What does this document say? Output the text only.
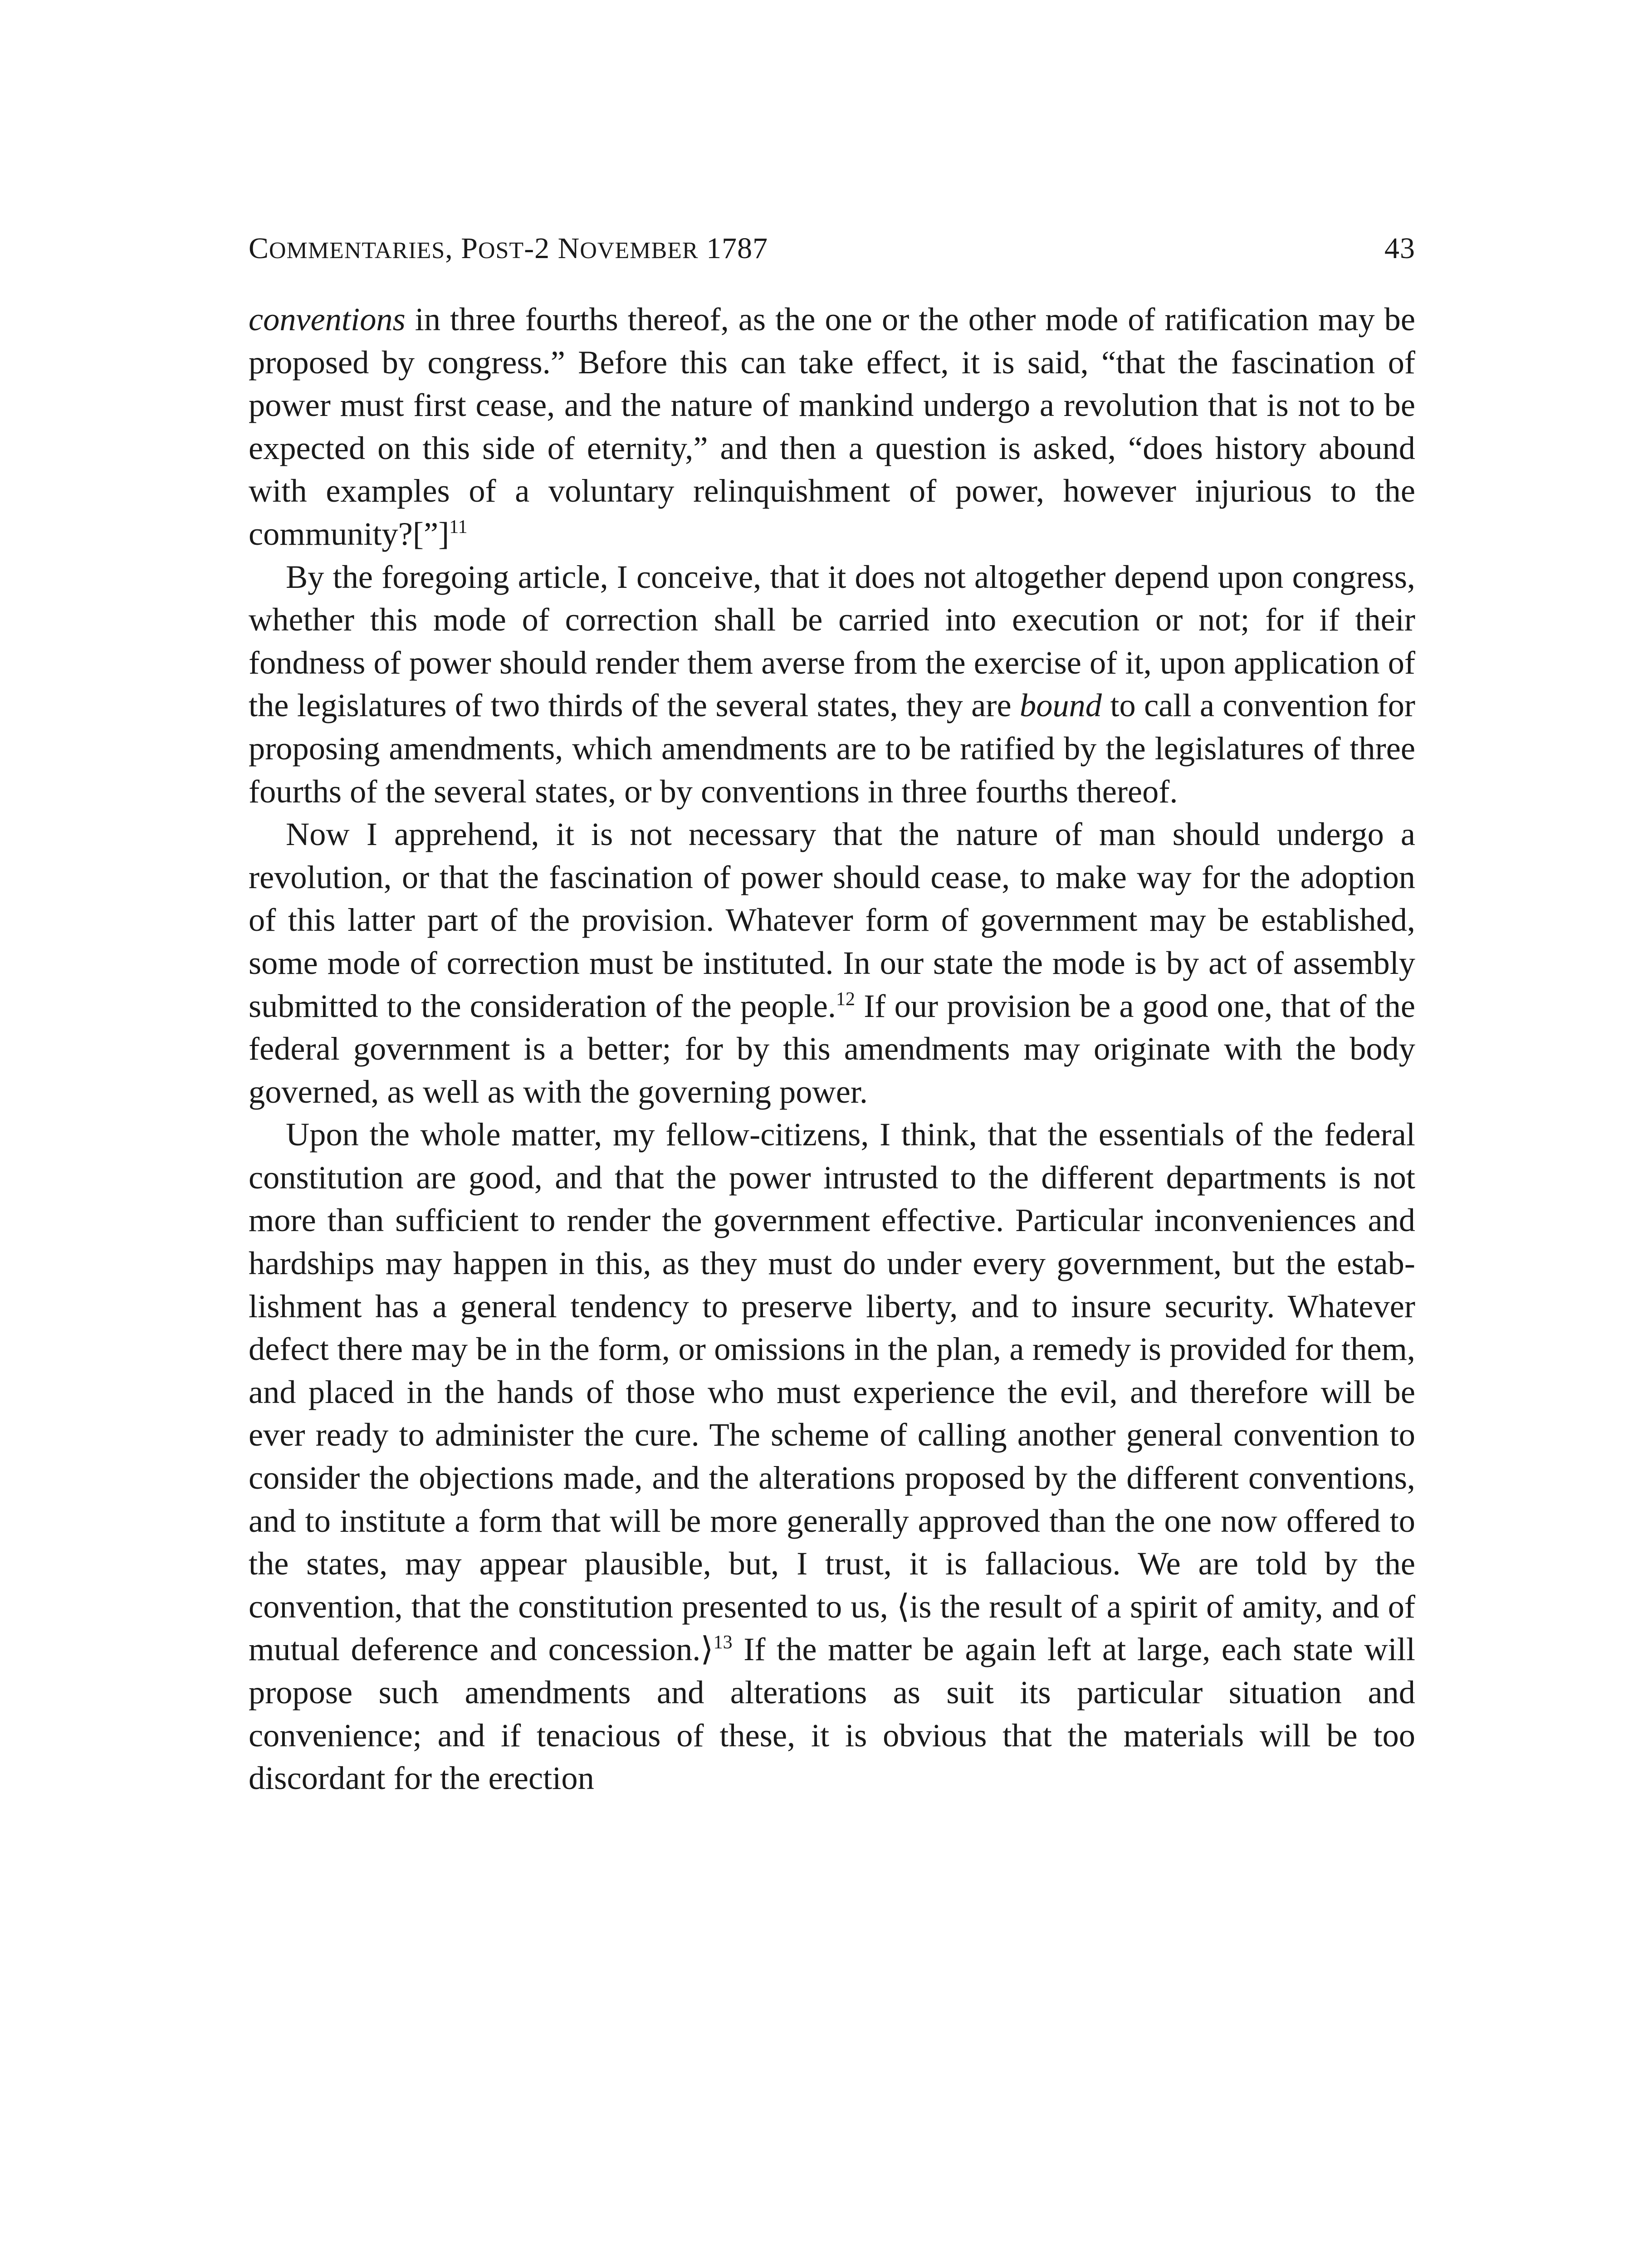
COMMENTARIES, POST-2 NOVEMBER 1787	43

conventions in three fourths thereof, as the one or the other mode of ratification may be proposed by congress.” Before this can take effect, it is said, “that the fascination of power must first cease, and the nature of mankind undergo a revolution that is not to be expected on this side of eternity,” and then a question is asked, “does history abound with examples of a voluntary relinquishment of power, however injurious to the community?[”]$^{11}$

By the foregoing article, I conceive, that it does not altogether depend upon congress, whether this mode of correction shall be carried into execution or not; for if their fondness of power should render them averse from the exercise of it, upon application of the legislatures of two thirds of the several states, they are bound to call a convention for proposing amendments, which amendments are to be ratified by the legislatures of three fourths of the several states, or by conventions in three fourths thereof.

Now I apprehend, it is not necessary that the nature of man should undergo a revolution, or that the fascination of power should cease, to make way for the adoption of this latter part of the provision. Whatever form of government may be established, some mode of correction must be instituted. In our state the mode is by act of assembly submitted to the consideration of the people.$^{12}$ If our provision be a good one, that of the federal government is a better; for by this amendments may originate with the body governed, as well as with the governing power.

Upon the whole matter, my fellow-citizens, I think, that the essentials of the federal constitution are good, and that the power intrusted to the different departments is not more than sufficient to render the government effective. Particular inconveniences and hardships may happen in this, as they must do under every government, but the establishment has a general tendency to preserve liberty, and to insure security. Whatever defect there may be in the form, or omissions in the plan, a remedy is provided for them, and placed in the hands of those who must experience the evil, and therefore will be ever ready to administer the cure. The scheme of calling another general convention to consider the objections made, and the alterations proposed by the different conventions, and to institute a form that will be more generally approved than the one now offered to the states, may appear plausible, but, I trust, it is fallacious. We are told by the convention, that the constitution presented to us, ⟨is the result of a spirit of amity, and of mutual deference and concession.⟩$^{13}$ If the matter be again left at large, each state will propose such amendments and alterations as suit its particular situation and convenience; and if tenacious of these, it is obvious that the materials will be too discordant for the erection
